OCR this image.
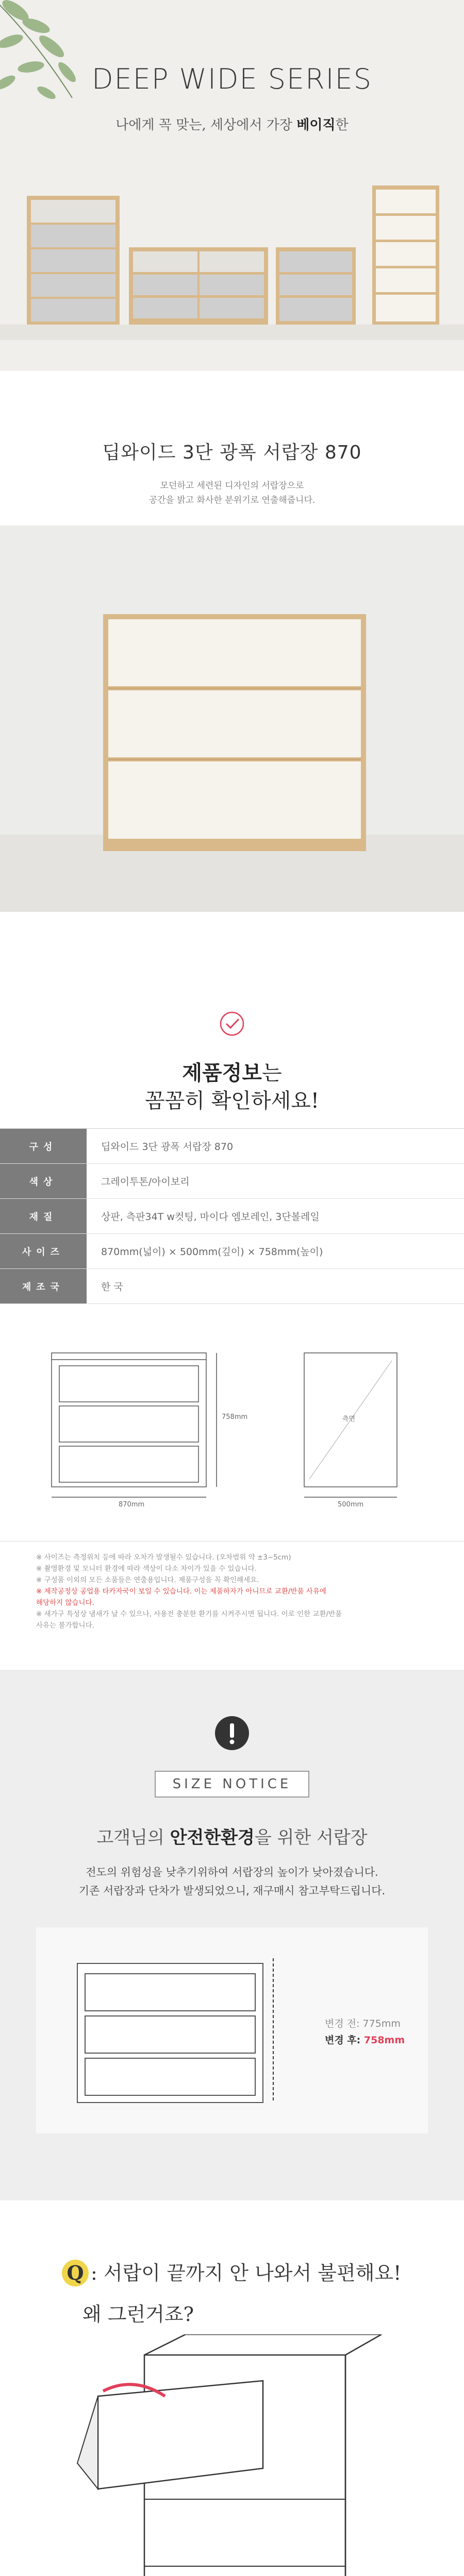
DEEP WIDE SERIES
나에게 꼭 맞는, 세상에서 가장 베이직한
딥와이드 3단 광폭 서랍장 870
모던하고 세련된 디자인의 서랍장으로
공간을 밝고 화사한 분위기로 연출해줍니다.
제품정보는
꼼꼼히 확인하세요!
구성	딥와이드 3단 광폭 서랍장 870
색상	그레이투톤/아이보리
재질	상판, 측판34T w컷팅, 마이다 엠보레인, 3단볼레일
사이즈	870mm(넓이) × 500mm(깊이) × 758mm(높이)
제조국	한 국
758mm
870mm	500mm
측면
※ 사이즈는 측정위치 등에 따라 오차가 발생될수 있습니다. (오차범위 약 ±3~5cm)
※ 촬영환경 및 모니터 환경에 따라 색상이 다소 차이가 있을 수 있습니다.
※ 구성품 이외의 모든 소품들은 연출용입니다. 제품구성을 꼭 확인해세요.
※ 제작공정상 공업용 타카자국이 보일 수 있습니다. 이는 제품하자가 아니므로 교환/반품 사유에
해당하지 않습니다.
※ 새가구 특성상 냄새가 날 수 있으나, 사용전 충분한 환기를 시켜주시면 됩니다. 이로 인한 교환/반품
사유는 불가합니다.
SIZE NOTICE
고객님의 안전한환경을 위한 서랍장
전도의 위험성을 낮추기위하여 서랍장의 높이가 낮아졌습니다.
기존 서랍장과 단차가 발생되었으니, 재구매시 참고부탁드립니다.
변경 전: 775mm
변경 후: 758mm
Q : 서랍이 끝까지 안 나와서 불편해요!
왜 그런거죠?
